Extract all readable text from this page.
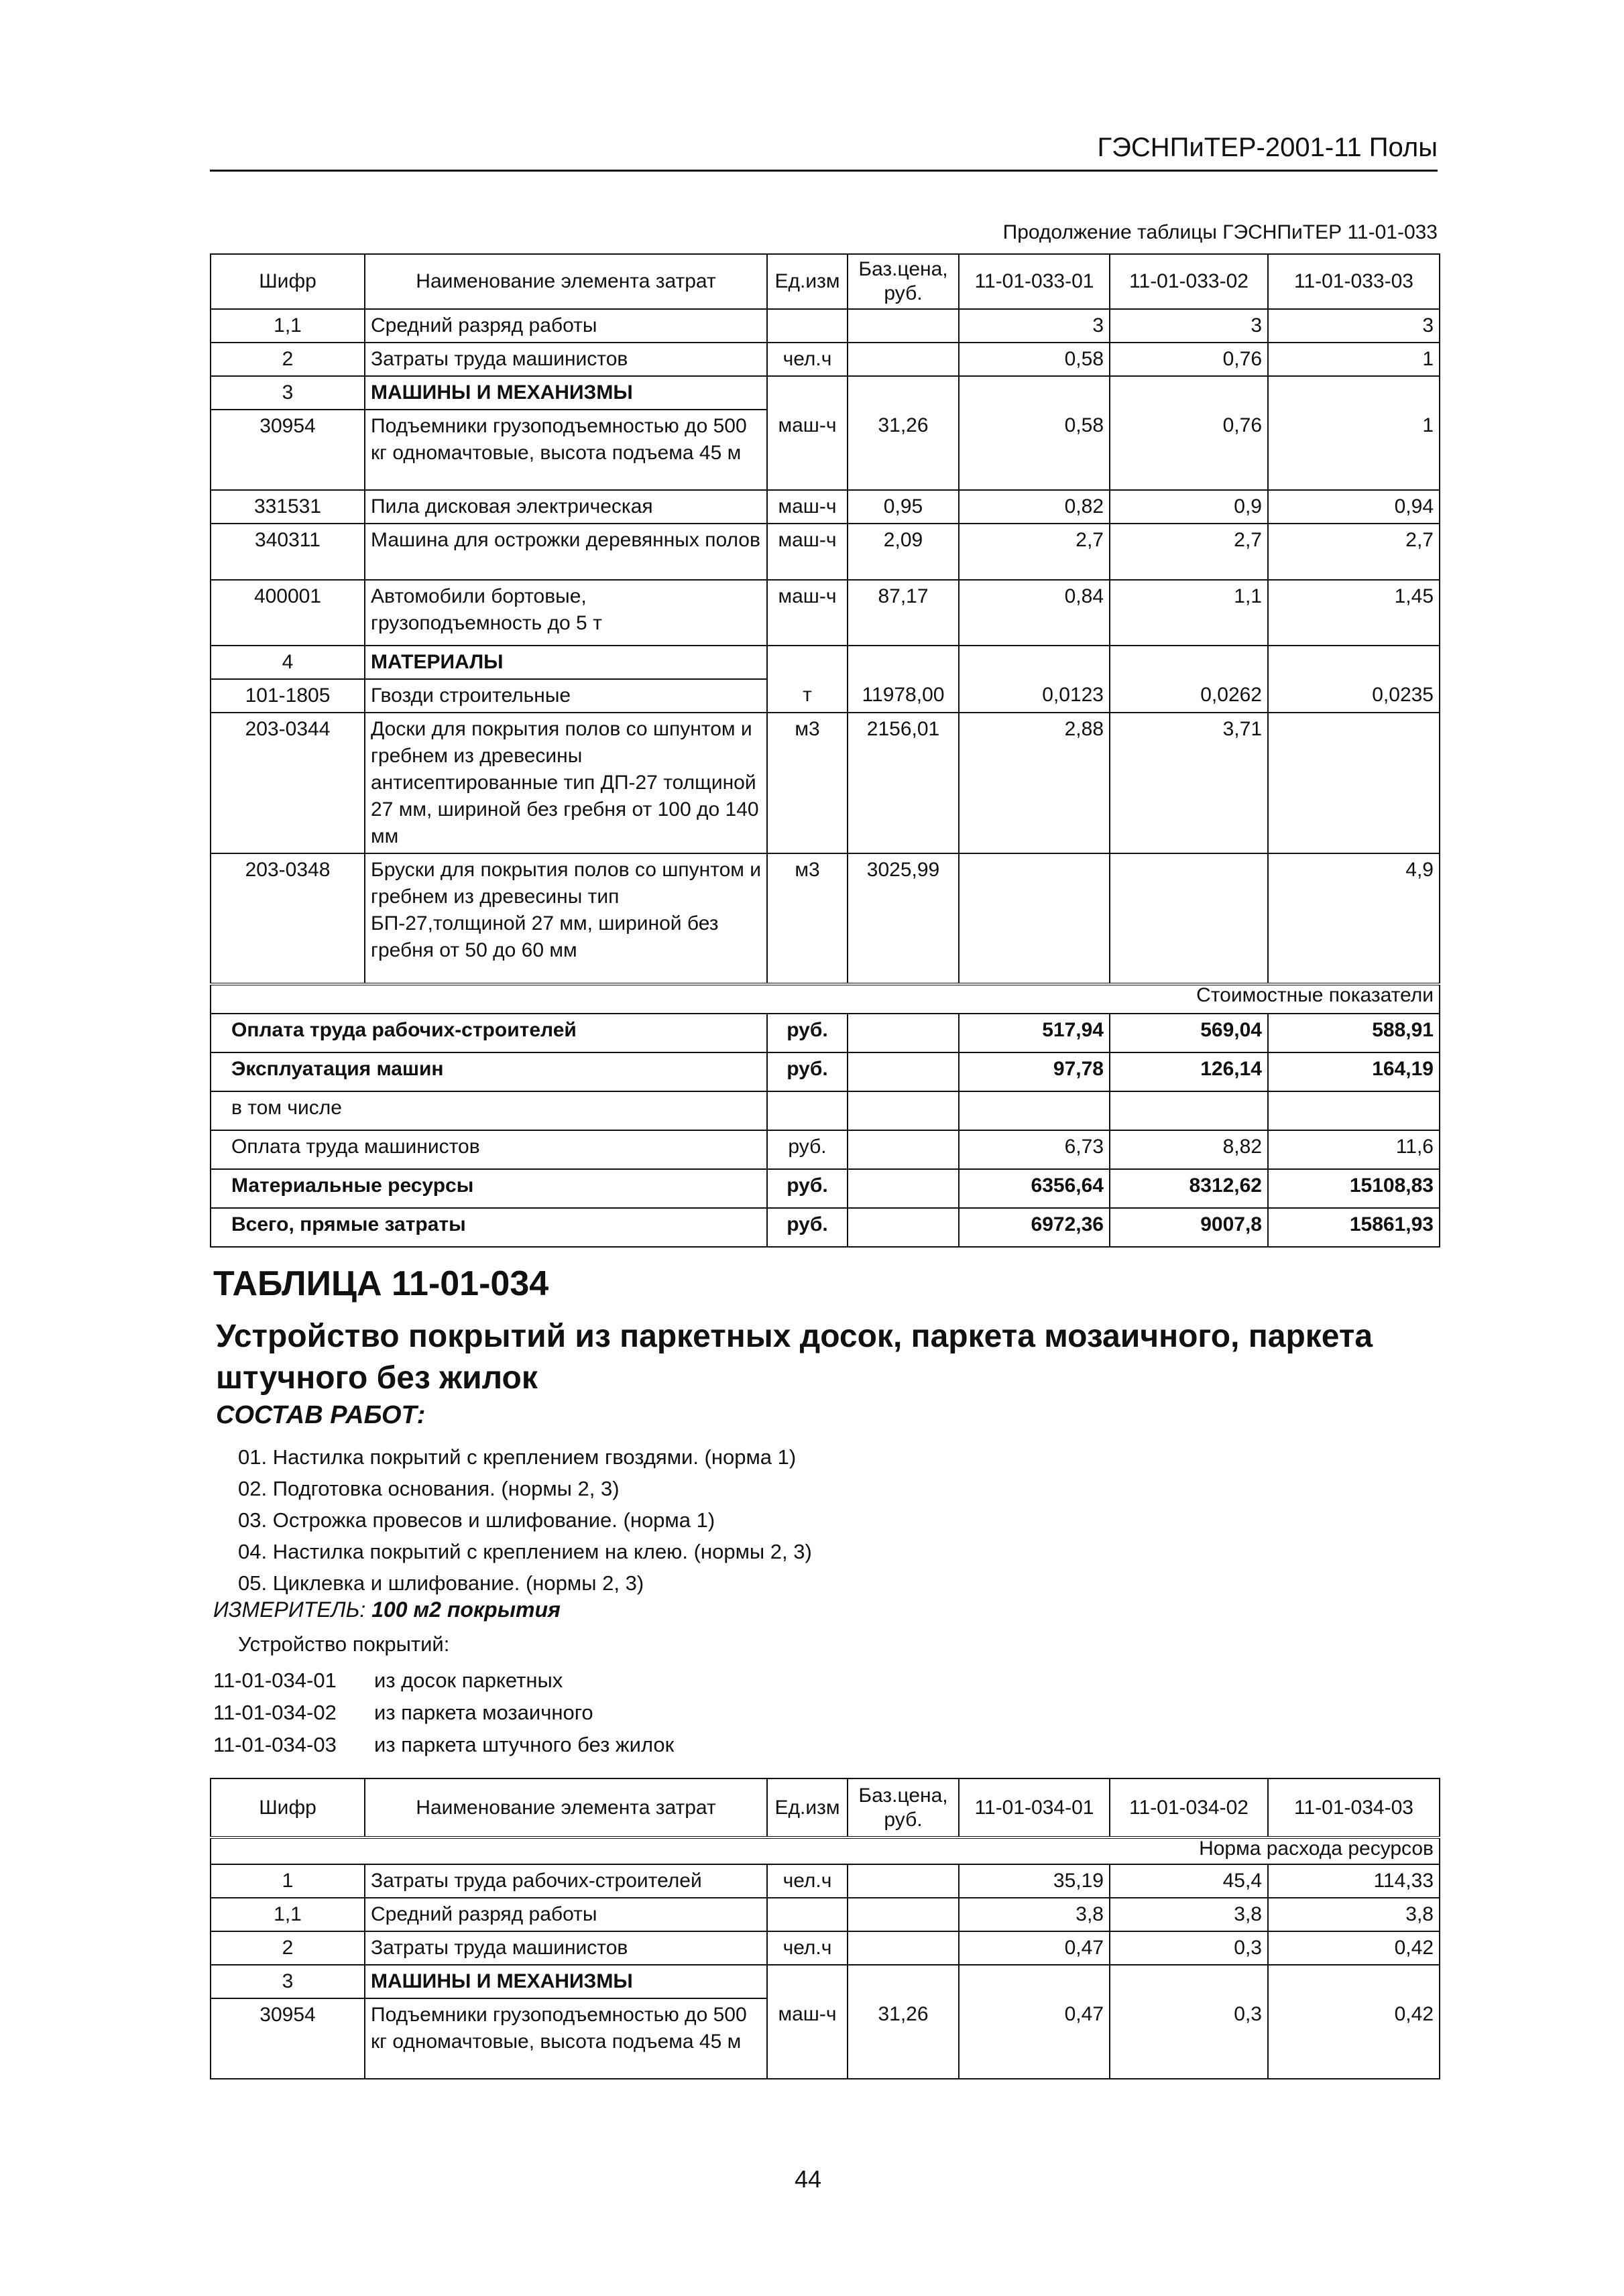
ГЭСНПиТЕР-2001-11 Полы
Продолжение таблицы ГЭСНПиТЕР 11-01-033
Шифр	Наименование элемента затрат	Ед.изм	Баз.цена, руб.	11-01-033-01	11-01-033-02	11-01-033-03
1,1	Средний разряд работы			3	3	3
2	Затраты труда машинистов	чел.ч		0,58	0,76	1
3	МАШИНЫ И МЕХАНИЗМЫ					
30954	Подъемники грузоподъемностью до 500 кг одномачтовые, высота подъема 45 м	маш-ч	31,26	0,58	0,76	1
331531	Пила дисковая электрическая	маш-ч	0,95	0,82	0,9	0,94
340311	Машина для острожки деревянных полов	маш-ч	2,09	2,7	2,7	2,7
400001	Автомобили бортовые, грузоподъемность до 5 т	маш-ч	87,17	0,84	1,1	1,45
4	МАТЕРИАЛЫ					
101-1805	Гвозди строительные	т	11978,00	0,0123	0,0262	0,0235
203-0344	Доски для покрытия полов со шпунтом и гребнем из древесины антисептированные тип ДП-27 толщиной 27 мм, шириной без гребня от 100 до 140 мм	м3	2156,01	2,88	3,71	
203-0348	Бруски для покрытия полов со шпунтом и гребнем из древесины тип БП-27,толщиной 27 мм, шириной без гребня от 50 до 60 мм	м3	3025,99			4,9
Стоимостные показатели						
Оплата труда рабочих-строителей		руб.		517,94	569,04	588,91
Эксплуатация машин		руб.		97,78	126,14	164,19
в том числе						
Оплата труда машинистов		руб.		6,73	8,82	11,6
Материальные ресурсы		руб.		6356,64	8312,62	15108,83
Всего, прямые затраты		руб.		6972,36	9007,8	15861,93
ТАБЛИЦА 11-01-034
Устройство покрытий из паркетных досок, паркета мозаичного, паркета штучного без жилок
СОСТАВ РАБОТ:
01. Настилка покрытий с креплением гвоздями. (норма 1)
02. Подготовка основания. (нормы 2, 3)
03. Острожка провесов и шлифование. (норма 1)
04. Настилка покрытий с креплением на клею. (нормы 2, 3)
05. Циклевка и шлифование. (нормы 2, 3)
ИЗМЕРИТЕЛЬ: 100 м2 покрытия
Устройство покрытий:
11-01-034-01 из досок паркетных
11-01-034-02 из паркета мозаичного
11-01-034-03 из паркета штучного без жилок
Шифр	Наименование элемента затрат	Ед.изм	Баз.цена, руб.	11-01-034-01	11-01-034-02	11-01-034-03
Норма расхода ресурсов						
1	Затраты труда рабочих-строителей	чел.ч		35,19	45,4	114,33
1,1	Средний разряд работы			3,8	3,8	3,8
2	Затраты труда машинистов	чел.ч		0,47	0,3	0,42
3	МАШИНЫ И МЕХАНИЗМЫ					
30954	Подъемники грузоподъемностью до 500 кг одномачтовые, высота подъема 45 м	маш-ч	31,26	0,47	0,3	0,42
44
